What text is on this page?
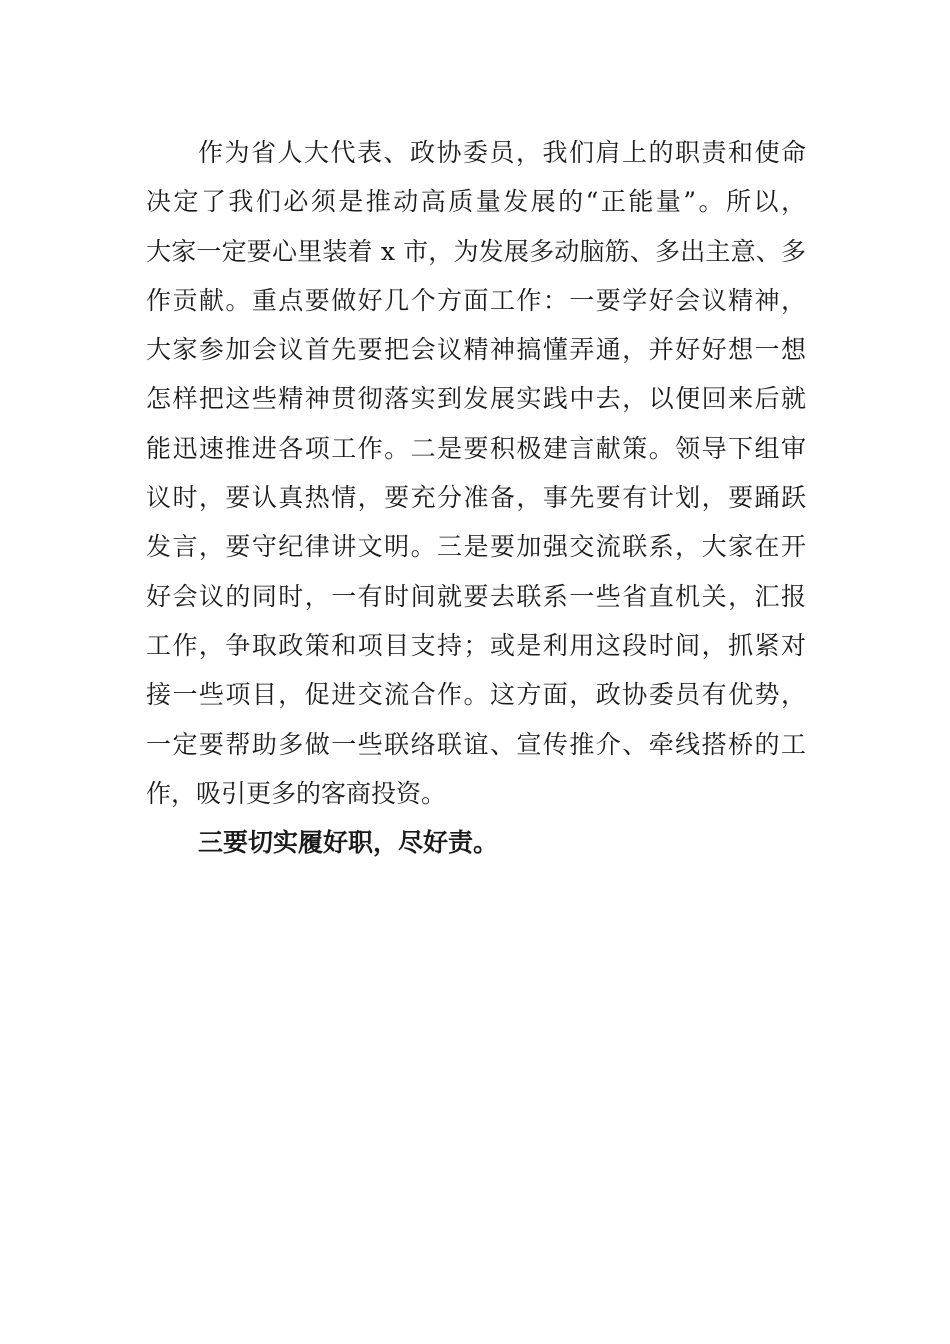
作为省人大代表、政协委员，我们肩上的职责和使命
决定了我们必须是推动高质量发展的“正能量”。所以，
大家一定要心里装着 x 市，为发展多动脑筋、多出主意、多
作贡献。重点要做好几个方面工作：一要学好会议精神，
大家参加会议首先要把会议精神搞懂弄通，并好好想一想
怎样把这些精神贯彻落实到发展实践中去，以便回来后就
能迅速推进各项工作。二是要积极建言献策。领导下组审
议时，要认真热情，要充分准备，事先要有计划，要踊跃
发言，要守纪律讲文明。三是要加强交流联系，大家在开
好会议的同时，一有时间就要去联系一些省直机关，汇报
工作，争取政策和项目支持；或是利用这段时间，抓紧对
接一些项目，促进交流合作。这方面，政协委员有优势，
一定要帮助多做一些联络联谊、宣传推介、牵线搭桥的工
作，吸引更多的客商投资。
三要切实履好职，尽好责。
